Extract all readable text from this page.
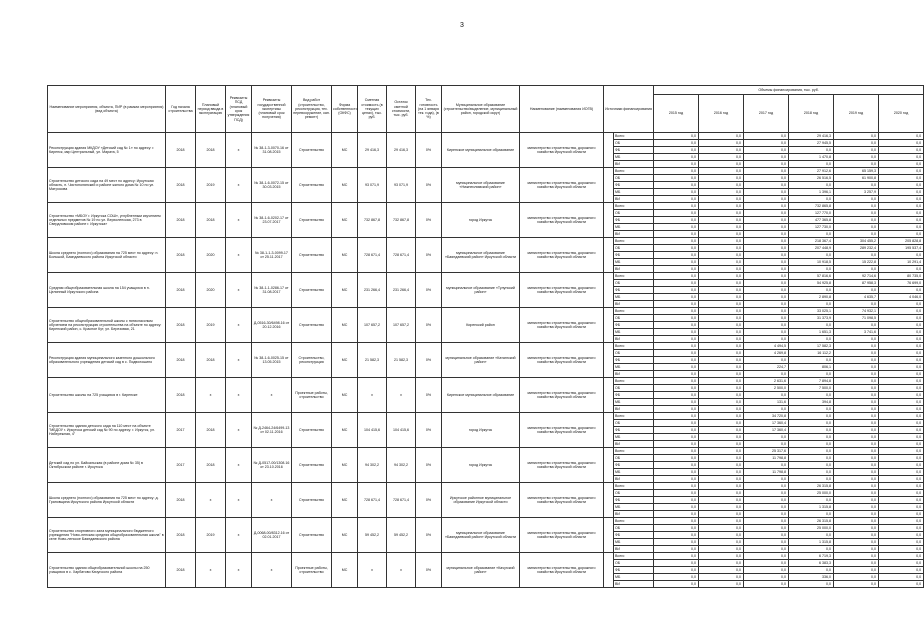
3
Наименование мероприятия, объекта, ПИР (в рамках мероприятия) (вид объекта)	Год начала строительства	Плановый период ввода в эксплуатацию	Реквизиты ПСД (плановый срок утверждения ПСД)	Реквизиты государственной экспертизы (плановый срок получения)	Вид работ (строительство, реконструкция, тех. перевооружение, кап. ремонт)	Форма собственности (ОКФС)	Сметная стоимость (в текущих ценах), тыс. руб.	Остаток сметной стоимости, тыс. руб.	Тех. готовность (на 1 января тек. года), (в %)	Муниципальное образование (строительство/выделение, муниципальный район, городской округ)	Наименование (наименования ИОГВ)	Источники финансирования		Объемы финансирования, тыс. руб.					
														2015 год	2016 год	2017 год	2018 год	2019 год	2020 год
Реконструкция здания МКДОУ «Детский сад № 1» по адресу: г. Киренск, мкр Центральный, ул. Марата, 5	2018	2018	х	№ 38-1-3-0070-16 от 31.08.2015	Строительство	МС	29 416,3	29 416,3	0%	Киренское муниципальное образование	министерство строительства, дорожного хозяйства Иркутской области		Всего	0,0	0,0	0,0	29 416,3	0,0	0,0
													ОБ	0,0	0,0	0,0	27 945,5	0,0	0,0
													ФБ	0,0	0,0	0,0	0,0	0,0	0,0
													МБ	0,0	0,0	0,0	1 470,8	0,0	0,0
													ВИ	0,0	0,0	0,0	0,0	0,0	0,0
Строительство детского сада на 49 мест по адресу: Иркутская область, п. Чистополянский и районе жилого дома № 10 по ул. Матросова	2018	2019	х	№ 38-1-6-0072-15 от 30.03.2015	Строительство	МС	93 071,9	93 071,9	0%	муниципальное образование «Нижнеилимский район»	министерство строительства, дорожного хозяйства Иркутской области		Всего	0,0	0,0	0,0	27 912,6	65 159,3	0,0
													ОБ	0,0	0,0	0,0	26 516,5	61 900,8	0,0
													ФБ	0,0	0,0	0,0	0,0	0,0	0,0
													МБ	0,0	0,0	0,0	1 396,1	3 257,9	0,0
													ВИ	0,0	0,0	0,0	0,0	0,0	0,0
Строительство «МБОУ г. Иркутска СОШ», углубленным изучением отдельных предметов № 19 по ул. Верхоленская, 273 в Свердловском районе г. Иркутска»	2018	2018	х	№ 38-1-6-0202-17 от 23.07.2017	Строительство	МС	732 867,8	732 867,8	0%	город Иркутск	министерство строительства, дорожного хозяйства Иркутской области		Всего	0,0	0,0	0,0	732 865,8	0,0	0,0
													ОБ	0,0	0,0	0,0	127 770,0	0,0	0,0
													ФБ	0,0	0,0	0,0	477 365,8	0,0	0,0
													МБ	0,0	0,0	0,0	127 730,0	0,0	0,0
													ВИ	0,0	0,0	0,0	0,0	0,0	0,0
Школа среднего (полного) образования на 725 мест по адресу: п. Большой, Баяндаевского района Иркутской области	2018	2020	х	№ 38-1-1-3-0099-17 от 25.11.2017	Строительство	МС	728 671,4	728 671,4	0%	муниципальное образование «Баяндаевский район» Иркутской области	министерство строительства, дорожного хозяйства Иркутской области		Всего	0,0	0,0	0,0	218 367,4	304 455,2	205 828,8
													ОБ	0,0	0,0	0,0	207 448,9	289 232,4	195 537,4
													ФБ	0,0	0,0	0,0	0,0	0,0	0,0
													МБ	0,0	0,0	0,0	10 918,5	15 222,8	10 291,4
													ВИ	0,0	0,0	0,0	0,0	0,0	0,0
Средняя общеобразовательная школа на 154 учащихся в п. Целинный Иркутского района	2018	2020	х	№ 38-1-1-0286-17 от 31.08.2017	Строительство	МС	231 266,4	231 266,4	0%	муниципальное образование «Тулунский район»	министерство строительства, дорожного хозяйства Иркутской области		Всего	0,0	0,0	0,0	57 816,6	92 714,6	80 735,0
													ОБ	0,0	0,0	0,0	54 925,8	87 958,3	76 699,0
													ФБ	0,0	0,0	0,0	0,0	0,0	0,0
													МБ	0,0	0,0	0,0	2 890,8	4 635,7	4 046,0
													ВИ	0,0	0,0	0,0	0,0	0,0	0,0
Строительство общеобразовательной школы с пятиклассным обучением на реконструкцию строительства на объекте по адресу: Киренский район, с. Красное Кут, ул. Березовая, 21	2018	2019	х	Д-0516-30/6498.16 от 20.12.2016	Строительство	МС	107 657,2	107 657,2	0%	Киренский район	министерство строительства, дорожного хозяйства Иркутской области		Всего	0,0	0,0	0,0	33 025,1	74 932,1	0,0
													ОБ	0,0	0,0	0,0	31 373,9	71 098,5	0,0
													ФБ	0,0	0,0	0,0	0,0	0,0	0,0
													МБ	0,0	0,0	0,0	1 651,3	3 741,6	0,0
													ВИ	0,0	0,0	0,0	0,0	0,0	0,0
Реконструкция здания муниципального казенного дошкольного образовательного учреждения детский сад в с. Подволошино	2018	2018	х	№ 38-1-6-0025-15 от 13.05.2015	Строительство, реконструкция	МС	21 582,3	21 582,3	0%	муниципальное образование «Катангский район»	министерство строительства, дорожного хозяйства Иркутской области		Всего	0,0	0,0	4 494,5	17 582,3	0,0	0,0
													ОБ	0,0	0,0	4 269,8	16 112,2	0,0	0,0
													ФБ	0,0	0,0	0,0	0,0	0,0	0,0
													МБ	0,0	0,0	224,7	806,1	0,0	0,0
													ВИ	0,0	0,0	0,0	0,0	0,0	0,0
Строительство школы на 725 учащихся в г. Киренске	2018	х	х	х	Проектные работы, строительство	МС	х	х	0%	Киренское муниципальное образование	министерство строительства, дорожного хозяйства Иркутской области		Всего	0,0	0,0	2 631,6	7 894,8	0,0	0,0
													ОБ	0,0	0,0	2 500,0	7 500,0	0,0	0,0
													ФБ	0,0	0,0	0,0	0,0	0,0	0,0
													МБ	0,0	0,0	131,6	394,8	0,0	0,0
													ВИ	0,0	0,0	0,0	0,0	0,0	0,0
Строительство здания детского сада на 110 мест на объекте "МБДОУ г. Иркутска детский сад № 90 по адресу: г. Иркутск, ул. Набережная, 4"	2017	2018	х	№ Д-2464-24/6499-13 от 02.11.2016	Строительство	МС	104 415,6	104 415,6	0%	город Иркутск	министерство строительства, дорожного хозяйства Иркутской области		Всего	0,0	0,0	34 720,8	0,0	0,0	0,0
													ОБ	0,0	0,0	17 360,4	0,0	0,0	0,0
													ФБ	0,0	0,0	17 360,4	0,0	0,0	0,0
													МБ	0,0	0,0	0,0	0,0	0,0	0,0
													ВИ	0,0	0,0	0,0	0,0	0,0	0,0
Детский сад по ул. Байкальская (в районе дома № 35) в Октябрьском районе г. Иркутска	2017	2018	х	№ Д-0517-00/1308.16 от 23.10.2016	Строительство	МС	94 302,2	94 302,2	0%	город Иркутск	министерство строительства, дорожного хозяйства Иркутской области		Всего	0,0	0,0	25 317,6	0,0	0,0	0,0
													ОБ	0,0	0,0	11 798,8	0,0	0,0	0,0
													ФБ	0,0	0,0	0,0	0,0	0,0	0,0
													МБ	0,0	0,0	11 798,8	0,0	0,0	0,0
													ВИ	0,0	0,0	0,0	0,0	0,0	0,0
Школа среднего (полного) образования на 725 мест по адресу: д. Грановщина Иркутского района Иркутской области	2018	х	х	х	Строительство	МС	728 671,4	728 671,4	0%	Иркутское районное муниципальное образование Иркутской области	министерство строительства, дорожного хозяйства Иркутской области		Всего	0,0	0,0	0,0	26 315,8	0,0	0,0
													ОБ	0,0	0,0	0,0	25 000,0	0,0	0,0
													ФБ	0,0	0,0	0,0	0,0	0,0	0,0
													МБ	0,0	0,0	0,0	1 315,8	0,0	0,0
													ВИ	0,0	0,0	0,0	0,0	0,0	0,0
Строительство спортивного зала муниципального бюджетного учреждения "Ново-ленская средняя общеобразовательная школа" в селе Ново-ленское Баяндаевского района	2018	2019	х	Д-0068-00/8312.16 от 02.01.2017	Строительство	МС	59 452,2	59 452,2	0%	муниципальное образование «Баяндаевский район» Иркутской области	министерство строительства, дорожного хозяйства Иркутской области		Всего	0,0	0,0	0,0	26 315,8	0,0	0,0
													ОБ	0,0	0,0	0,0	25 000,0	0,0	0,0
													ФБ	0,0	0,0	0,0	0,0	0,0	0,0
													МБ	0,0	0,0	0,0	1 315,8	0,0	0,0
													ВИ	0,0	0,0	0,0	0,0	0,0	0,0
Строительство здания общеобразовательной школы на 250 учащихся в с. Харбатово Качугского района	2018	х	х	х	Проектные работы, строительство	МС	х	х	0%	муниципальное образование «Качугский район»	министерство строительства, дорожного хозяйства Иркутской области		Всего	0,0	0,0	0,0	6 719,3	0,0	0,0
													ОБ	0,0	0,0	0,0	6 383,3	0,0	0,0
													ФБ	0,0	0,0	0,0	0,0	0,0	0,0
													МБ	0,0	0,0	0,0	336,0	0,0	0,0
													ВИ	0,0	0,0	0,0	0,0	0,0	0,0
